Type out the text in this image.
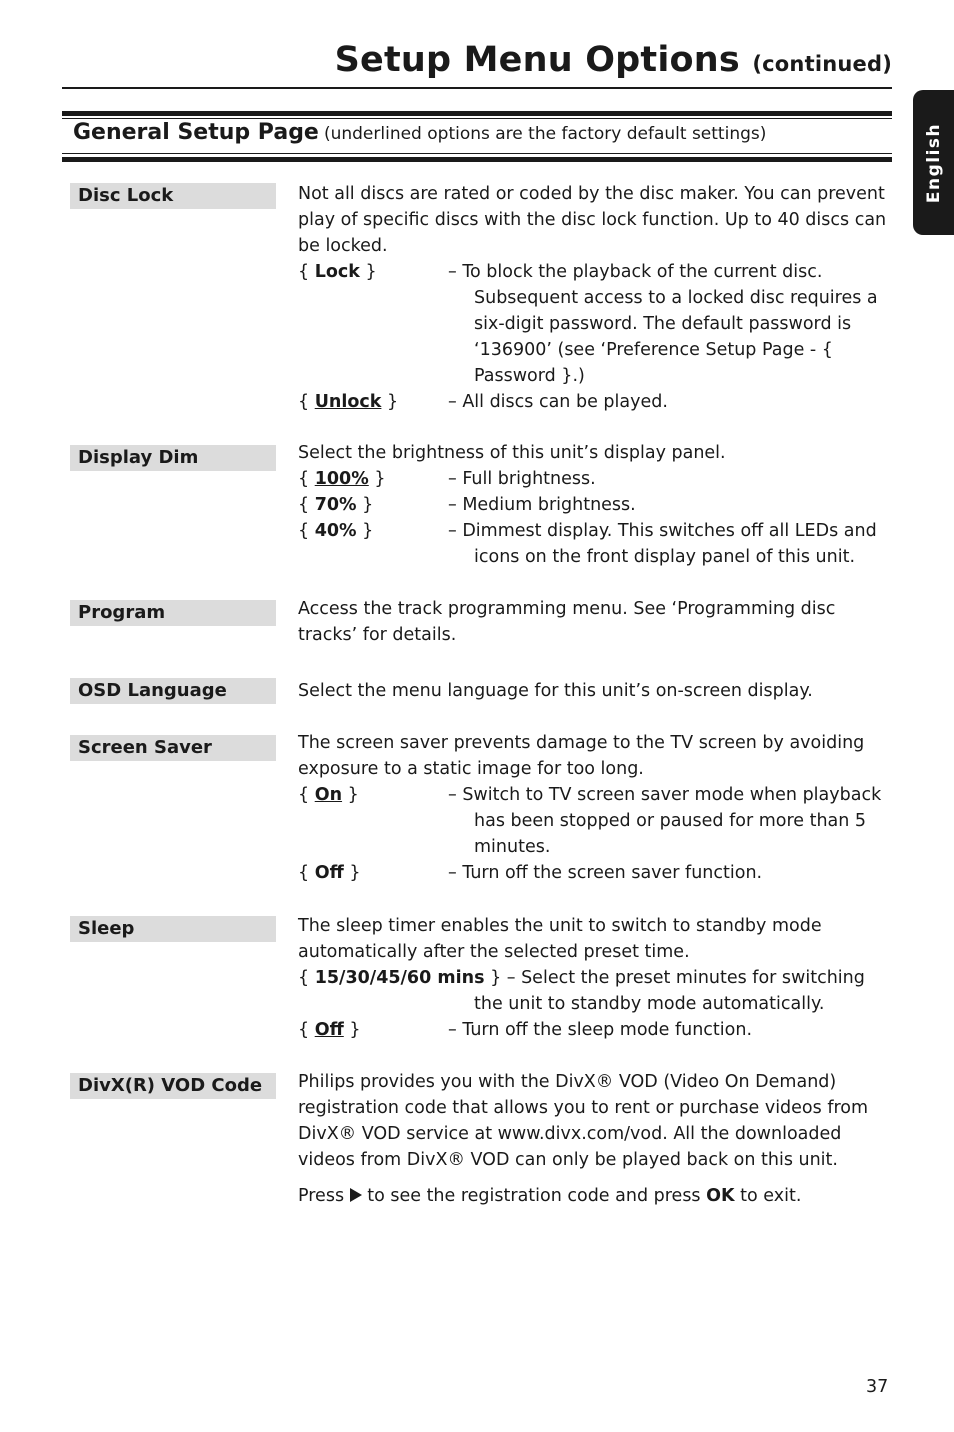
Setup Menu Options (continued)
English
General Setup Page (underlined options are the factory default settings)
Disc Lock	Not all discs are rated or coded by the disc maker. You can prevent play of specific discs with the disc lock function. Up to 40 discs can be locked.

{ Lock }	– To block the playback of the current disc. Subsequent access to a locked disc requires a six-digit password. The default password is ‘136900’ (see ‘Preference Setup Page - { Password }.)
{ Unlock }	– All discs can be played.
Display Dim	Select the brightness of this unit’s display panel.

{ 100% }	– Full brightness.
{ 70% }	– Medium brightness.
{ 40% }	– Dimmest display. This switches off all LEDs and icons on the front display panel of this unit.
Program	Access the track programming menu. See ‘Programming disc tracks’ for details.

OSD Language	Select the menu language for this unit’s on-screen display.

Screen Saver	The screen saver prevents damage to the TV screen by avoiding exposure to a static image for too long.

{ On }	– Switch to TV screen saver mode when playback has been stopped or paused for more than 5 minutes.
{ Off }	– Turn off the screen saver function.
Sleep	The sleep timer enables the unit to switch to standby mode automatically after the selected preset time.

{ 15/30/45/60 mins } – Select the preset minutes for switching the unit to standby mode automatically.
{ Off }	– Turn off the sleep mode function.
DivX(R) VOD Code	Philips provides you with the DivX® VOD (Video On Demand) registration code that allows you to rent or purchase videos from DivX® VOD service at www.divx.com/vod. All the downloaded videos from DivX® VOD can only be played back on this unit.

Press to see the registration code and press OK to exit.

37
